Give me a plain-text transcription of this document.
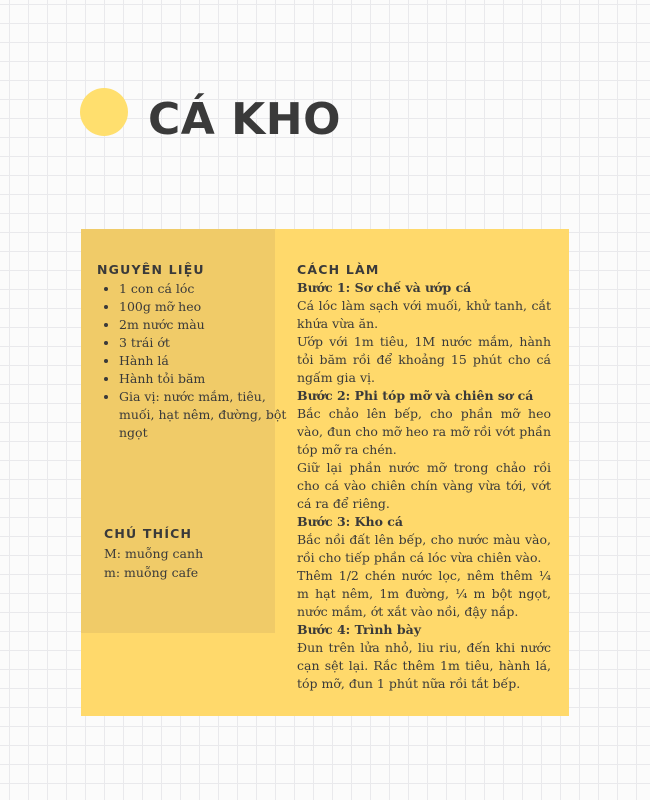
CÁ KHO
NGUYÊN LIỆU
• 1 con cá lóc
• 100g mỡ heo
• 2m nước màu
• 3 trái ớt
• Hành lá
• Hành tỏi băm
• Gia vị: nước mắm, tiêu, muối, hạt nêm, đường, bột ngọt
CHÚ THÍCH
M: muỗng canh
m: muỗng cafe
CÁCH LÀM
Bước 1: Sơ chế và ướp cá

Cá lóc làm sạch với muối, khử tanh, cắt khứa vừa ăn.

Ướp với 1m tiêu, 1M nước mắm, hành tỏi băm rồi để khoảng 15 phút cho cá ngấm gia vị.

Bước 2: Phi tóp mỡ và chiên sơ cá

Bắc chảo lên bếp, cho phần mỡ heo vào, đun cho mỡ heo ra mỡ rồi vớt phần tóp mỡ ra chén.

Giữ lại phần nước mỡ trong chảo rồi cho cá vào chiên chín vàng vừa tới, vớt cá ra để riêng.

Bước 3: Kho cá

Bắc nồi đất lên bếp, cho nước màu vào, rồi cho tiếp phần cá lóc vừa chiên vào.

Thêm 1/2 chén nước lọc, nêm thêm ¼ m hạt nêm, 1m đường, ¼ m bột ngọt, nước mắm, ớt xắt vào nồi, đậy nắp.

Bước 4: Trình bày

Đun trên lửa nhỏ, liu riu, đến khi nước cạn sệt lại. Rắc thêm 1m tiêu, hành lá, tóp mỡ, đun 1 phút nữa rồi tắt bếp.
